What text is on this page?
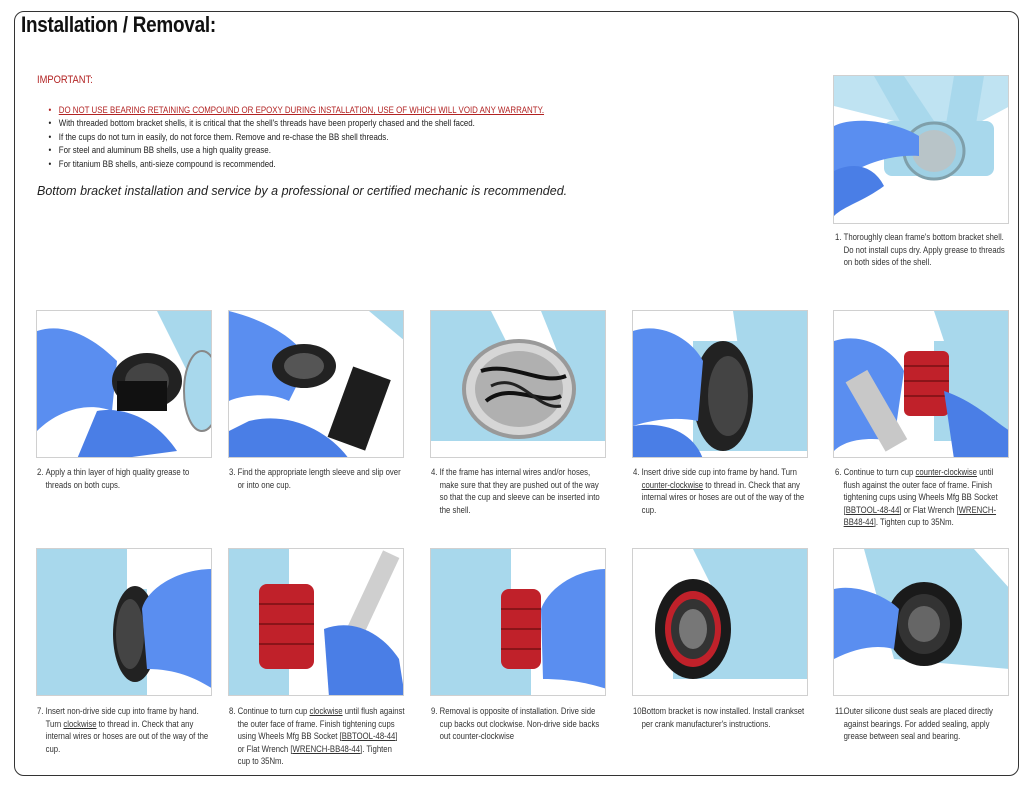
Installation / Removal:
IMPORTANT:
• DO NOT USE BEARING RETAINING COMPOUND OR EPOXY DURING INSTALLATION, USE OF WHICH WILL VOID ANY WARRANTY.
• With threaded bottom bracket shells, it is critical that the shell's threads have been properly chased and the shell faced.
• If the cups do not turn in easily, do not force them. Remove and re-chase the BB shell threads.
• For steel and aluminum BB shells, use a high quality grease.
• For titanium BB shells, anti-sieze compound is recommended.
Bottom bracket installation and service by a professional or certified mechanic is recommended.
1. Thoroughly clean frame's bottom bracket shell. Do not install cups dry. Apply grease to threads on both sides of the shell.
2. Apply a thin layer of high quality grease to threads on both cups.
3. Find the appropriate length sleeve and slip over or into one cup.
4. If the frame has internal wires and/or hoses, make sure that they are pushed out of the way so that the cup and sleeve can be inserted into the shell.
4. Insert drive side cup into frame by hand. Turn counter-clockwise to thread in. Check that any internal wires or hoses are out of the way of the cup.
6. Continue to turn cup counter-clockwise until flush against the outer face of frame. Finish tightening cups using Wheels Mfg BB Socket [BBTOOL-48-44] or Flat Wrench [WRENCH-BB48-44]. Tighten cup to 35Nm.
7. Insert non-drive side cup into frame by hand. Turn clockwise to thread in. Check that any internal wires or hoses are out of the way of the cup.
8. Continue to turn cup clockwise until flush against the outer face of frame. Finish tightening cups using Wheels Mfg BB Socket [BBTOOL-48-44] or Flat Wrench [WRENCH-BB48-44]. Tighten cup to 35Nm.
9. Removal is opposite of installation. Drive side cup backs out clockwise. Non-drive side backs out counter-clockwise
10.
Bottom bracket is now installed. Install crankset per crank manufacturer's instructions.
11.
Outer silicone dust seals are placed directly against bearings. For added sealing, apply grease between seal and bearing.
